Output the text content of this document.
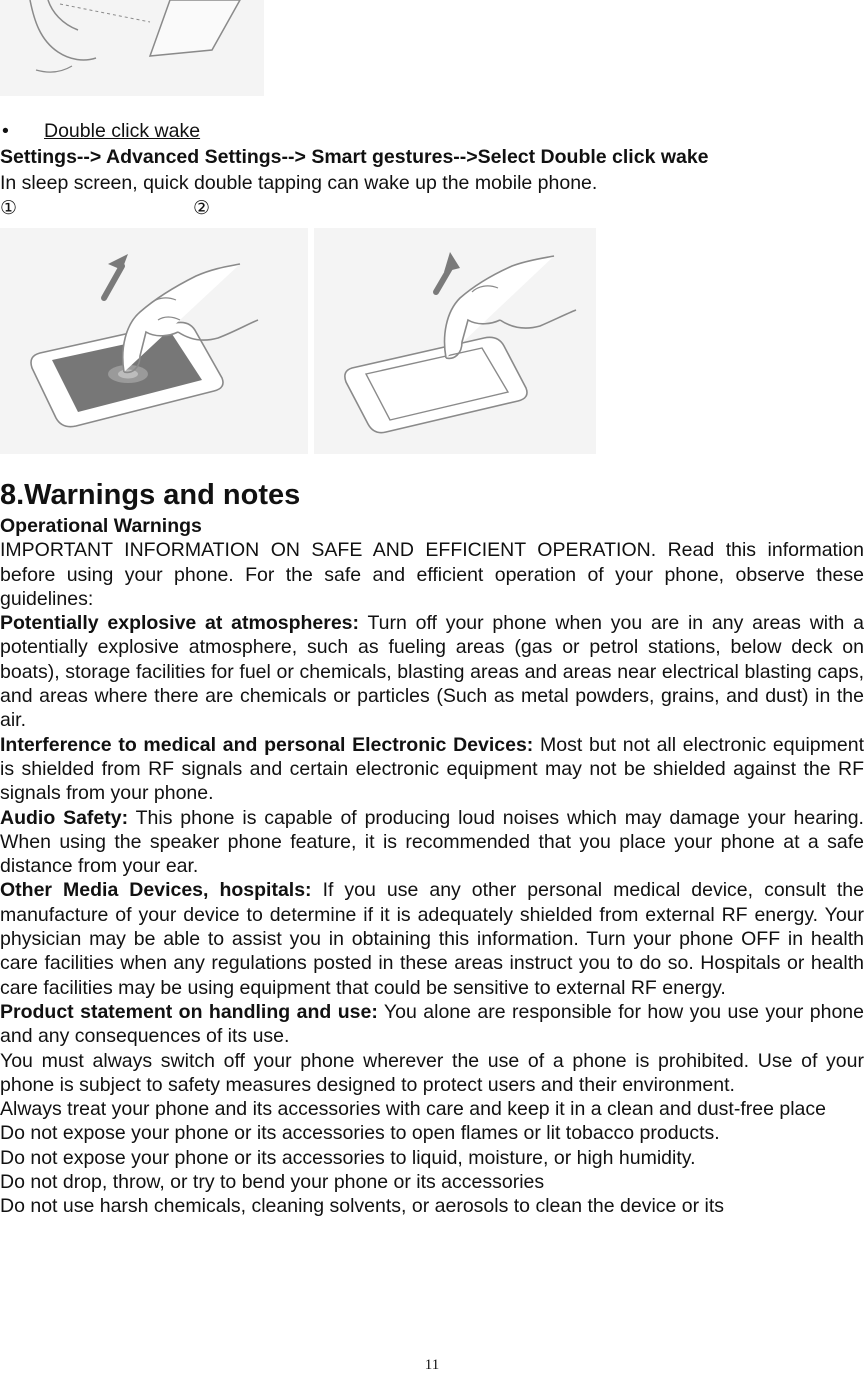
• Double click wake
Settings--> Advanced Settings--> Smart gestures-->Select Double click wake
In sleep screen, quick double tapping can wake up the mobile phone.
①	②
8.Warnings and notes

Operational Warnings

IMPORTANT INFORMATION ON SAFE AND EFFICIENT OPERATION. Read this information before using your phone. For the safe and efficient operation of your phone, observe these guidelines:

Potentially explosive at atmospheres: Turn off your phone when you are in any areas with a potentially explosive atmosphere, such as fueling areas (gas or petrol stations, below deck on boats), storage facilities for fuel or chemicals, blasting areas and areas near electrical blasting caps, and areas where there are chemicals or particles (Such as metal powders, grains, and dust) in the air.

Interference to medical and personal Electronic Devices: Most but not all electronic equipment is shielded from RF signals and certain electronic equipment may not be shielded against the RF signals from your phone.

Audio Safety: This phone is capable of producing loud noises which may damage your hearing. When using the speaker phone feature, it is recommended that you place your phone at a safe distance from your ear.

Other Media Devices, hospitals: If you use any other personal medical device, consult the manufacture of your device to determine if it is adequately shielded from external RF energy. Your physician may be able to assist you in obtaining this information. Turn your phone OFF in health care facilities when any regulations posted in these areas instruct you to do so. Hospitals or health care facilities may be using equipment that could be sensitive to external RF energy.

Product statement on handling and use: You alone are responsible for how you use your phone and any consequences of its use.

You must always switch off your phone wherever the use of a phone is prohibited. Use of your phone is subject to safety measures designed to protect users and their environment.

Always treat your phone and its accessories with care and keep it in a clean and dust-free place

Do not expose your phone or its accessories to open flames or lit tobacco products.

Do not expose your phone or its accessories to liquid, moisture, or high humidity.

Do not drop, throw, or try to bend your phone or its accessories

Do not use harsh chemicals, cleaning solvents, or aerosols to clean the device or its

11
